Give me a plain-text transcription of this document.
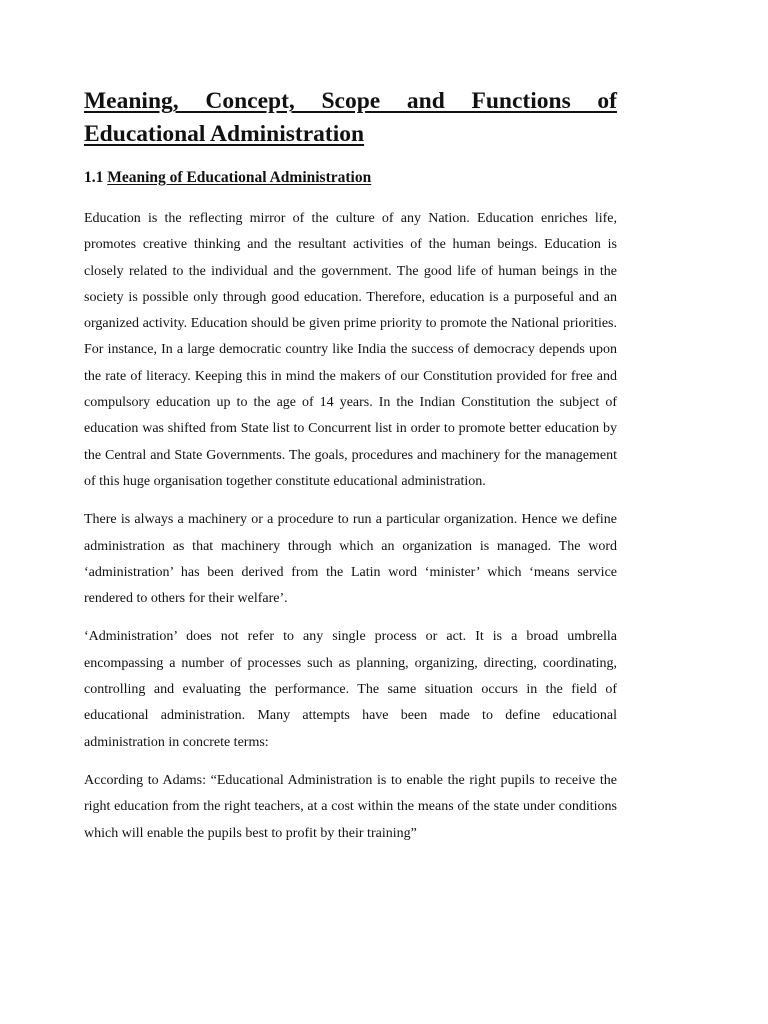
Meaning, Concept, Scope and Functions of
Educational Administration
1.1 Meaning of Educational Administration

Education is the reflecting mirror of the culture of any Nation. Education enriches life, promotes creative thinking and the resultant activities of the human beings. Education is closely related to the individual and the government. The good life of human beings in the society is possible only through good education. Therefore, education is a purposeful and an organized activity. Education should be given prime priority to promote the National priorities. For instance, In a large democratic country like India the success of democracy depends upon the rate of literacy. Keeping this in mind the makers of our Constitution provided for free and compulsory education up to the age of 14 years. In the Indian Constitution the subject of education was shifted from State list to Concurrent list in order to promote better education by the Central and State Governments. The goals, procedures and machinery for the management of this huge organisation together constitute educational administration.

There is always a machinery or a procedure to run a particular organization. Hence we define administration as that machinery through which an organization is managed. The word ‘administration’ has been derived from the Latin word ‘minister’ which ‘means service rendered to others for their welfare’.

‘Administration’ does not refer to any single process or act. It is a broad umbrella encompassing a number of processes such as planning, organizing, directing, coordinating, controlling and evaluating the performance. The same situation occurs in the field of educational administration. Many attempts have been made to define educational administration in concrete terms:

According to Adams: “Educational Administration is to enable the right pupils to receive the right education from the right teachers, at a cost within the means of the state under conditions which will enable the pupils best to profit by their training”
